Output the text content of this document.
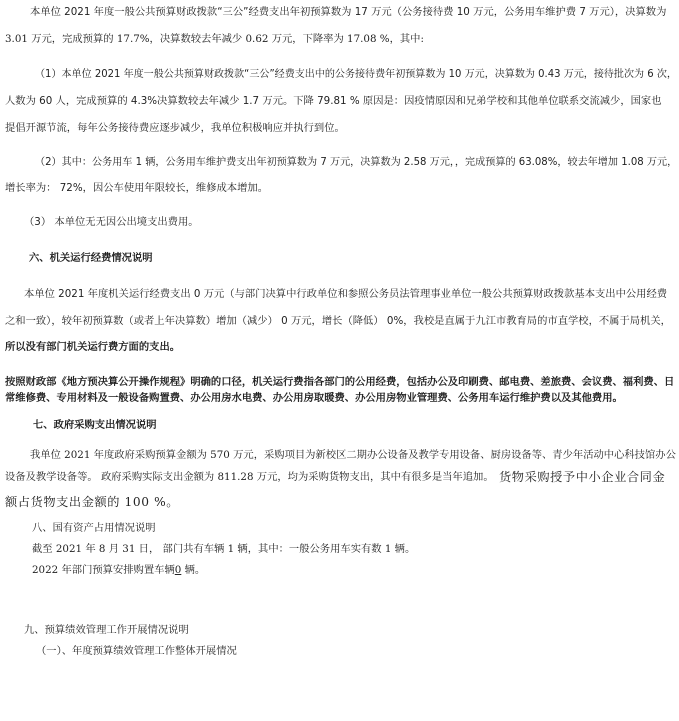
本单位 2021 年度一般公共预算财政拨款“三公”经费支出年初预算数为 17 万元（公务接待费 10 万元，公务用车维护费 7 万元），决算数为
3.01 万元，完成预算的 17.7%，决算数较去年减少 0.62 万元，下降率为 17.08 %，其中:
（1）本单位 2021 年度一般公共预算财政拨款“三公”经费支出中的公务接待费年初预算数为 10 万元，决算数为 0.43 万元，接待批次为 6 次，
人数为 60 人，完成预算的 4.3%决算数较去年减少 1.7 万元。下降 79.81 % 原因是：因疫情原因和兄弟学校和其他单位联系交流减少，国家也
提倡开源节流，每年公务接待费应逐步减少，我单位积极响应并执行到位。
（2）其中：公务用车 1 辆，公务用车维护费支出年初预算数为 7 万元，决算数为 2.58 万元，，完成预算的 63.08%，较去年增加 1.08 万元，
增长率为： 72%，因公车使用年限较长，维修成本增加。
（3） 本单位无无因公出境支出费用。
六、机关运行经费情况说明
本单位 2021 年度机关运行经费支出 0 万元（与部门决算中行政单位和参照公务员法管理事业单位一般公共预算财政拨款基本支出中公用经费
之和一致），较年初预算数（或者上年决算数）增加（减少） 0 万元，增长（降低） 0%，我校是直属于九江市教育局的市直学校，不属于局机关，
所以没有部门机关运行费方面的支出。
按照财政部《地方预决算公开操作规程》明确的口径，机关运行费指各部门的公用经费，包括办公及印刷费、邮电费、差旅费、会议费、福利费、日
常维修费、专用材料及一般设备购置费、办公用房水电费、办公用房取暖费、办公用房物业管理费、公务用车运行维护费以及其他费用。
七、政府采购支出情况说明
我单位 2021 年度政府采购预算金额为 570 万元，采购项目为新校区二期办公设备及教学专用设备、厨房设备等、青少年活动中心科技馆办公
设备及教学设备等。 政府采购实际支出金额为 811.28 万元，均为采购货物支出，其中有很多是当年追加。 货物采购授予中小企业合同金
额占货物支出金额的 100 %。
八、国有资产占用情况说明
截至 2021 年 8 月 31 日， 部门共有车辆 1 辆，其中：一般公务用车实有数 1 辆。
2022 年部门预算安排购置车辆0 辆。
九、预算绩效管理工作开展情况说明
（一）、年度预算绩效管理工作整体开展情况
